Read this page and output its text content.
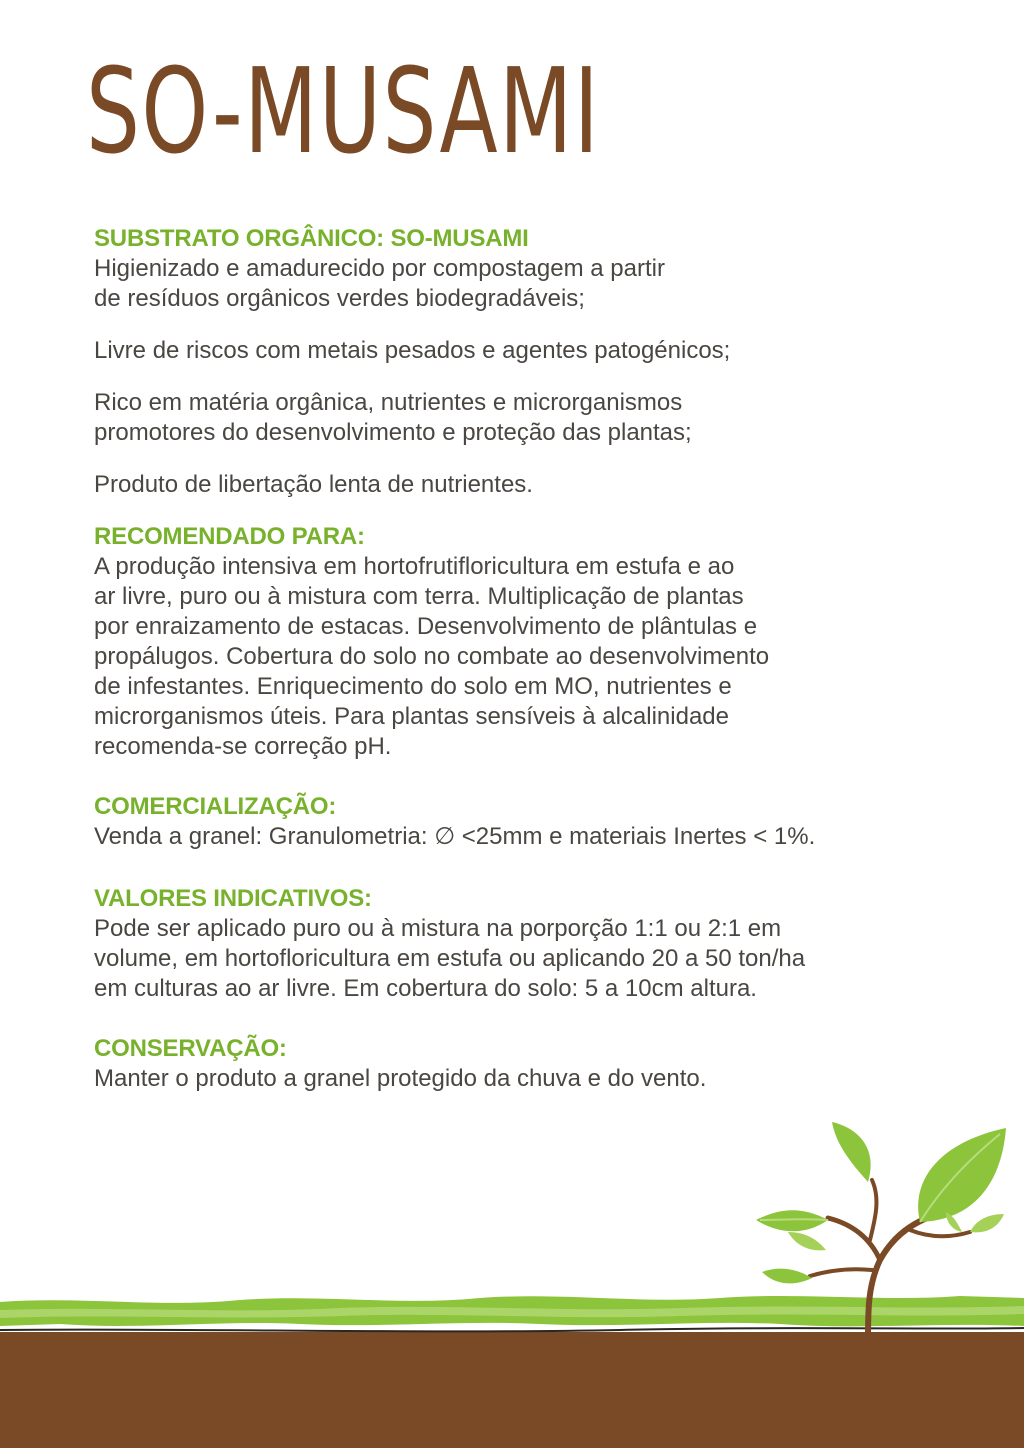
SO-MUSAMI
SUBSTRATO ORGÂNICO: SO-MUSAMI

Higienizado e amadurecido por compostagem a partir
de resíduos orgânicos verdes biodegradáveis;

Livre de riscos com metais pesados e agentes patogénicos;

Rico em matéria orgânica, nutrientes e microrganismos
promotores do desenvolvimento e proteção das plantas;

Produto de libertação lenta de nutrientes.

RECOMENDADO PARA:

A produção intensiva em hortofrutifloricultura em estufa e ao
ar livre, puro ou à mistura com terra. Multiplicação de plantas
por enraizamento de estacas. Desenvolvimento de plântulas e
propálugos. Cobertura do solo no combate ao desenvolvimento
de infestantes. Enriquecimento do solo em MO, nutrientes e
microrganismos úteis. Para plantas sensíveis à alcalinidade
recomenda-se correção pH.

COMERCIALIZAÇÃO:

Venda a granel: Granulometria: ∅ <25mm e materiais Inertes < 1%.

VALORES INDICATIVOS:

Pode ser aplicado puro ou à mistura na porporção 1:1 ou 2:1 em
volume, em hortofloricultura em estufa ou aplicando 20 a 50 ton/ha
em culturas ao ar livre. Em cobertura do solo: 5 a 10cm altura.

CONSERVAÇÃO:

Manter o produto a granel protegido da chuva e do vento.
